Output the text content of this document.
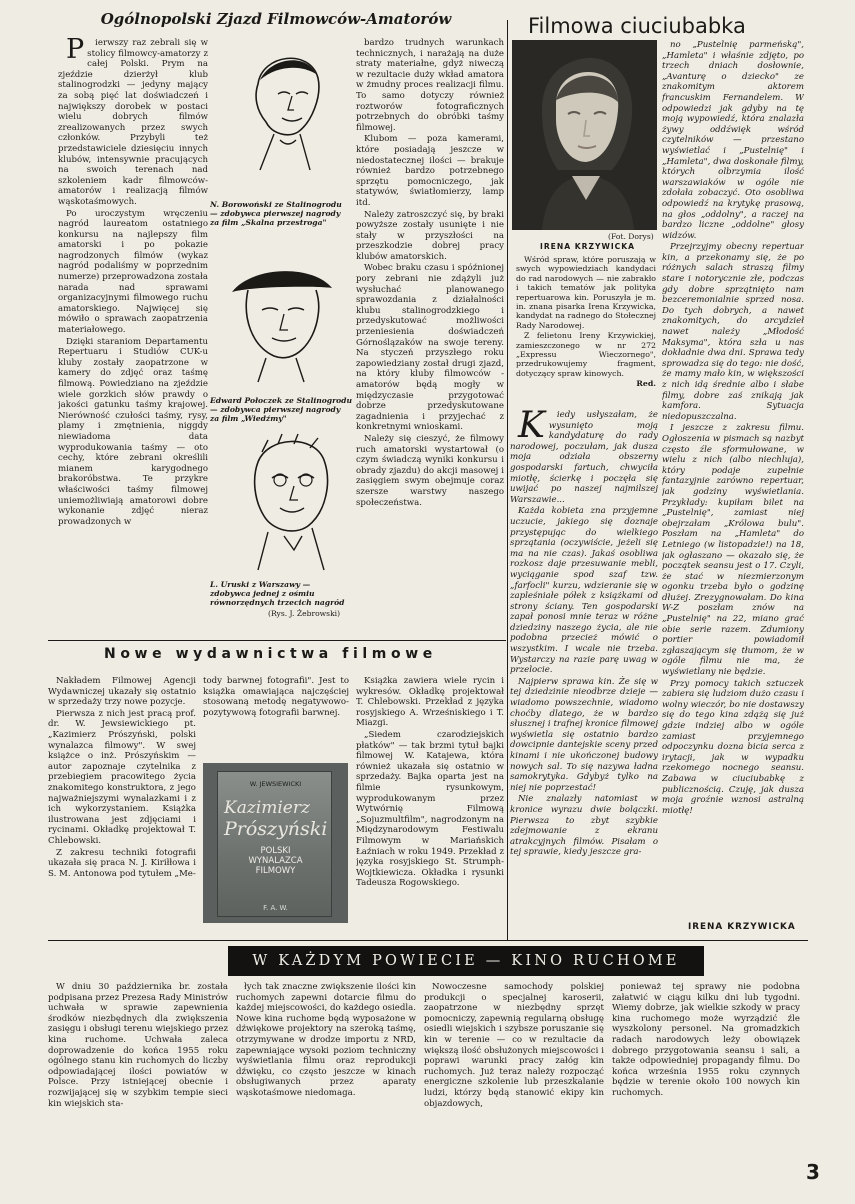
Ogólnopolski Zjazd Filmowców-Amatorów

P ierwszy raz zebrali się w stolicy filmowcy-amatorzy z całej Polski. Prym na zjeździe dzierżył klub stalinogrodzki — jedyny mający za sobą pięć lat doświadczeń i największy dorobek w postaci wielu dobrych filmów zrealizowanych przez swych członków. Przybyli też przedstawiciele dziesięciu innych klubów, intensywnie pracujących na swoich terenach nad szkoleniem kadr filmowców-amatorów i realizacją filmów wąskotaśmowych.

Po uroczystym wręczeniu nagród laureatom ostatniego konkursu na najlepszy film amatorski i po pokazie nagrodzonych filmów (wykaz nagród podaliśmy w poprzednim numerze) przeprowadzona została narada nad sprawami organizacyjnymi filmowego ruchu amatorskiego. Najwięcej się mówiło o sprawach zaopatrzenia materiałowego.

Dzięki staraniom Departamentu Repertuaru i Studiów CUK-u kluby zostały zaopatrzone w kamery do zdjęć oraz taśmę filmową. Powiedziano na zjeździe wiele gorzkich słów prawdy o jakości gatunku taśmy krajowej. Nierówność czułości taśmy, rysy, plamy i zmętnienia, niggdy niewiadoma data wyprodukowania taśmy — oto cechy, które zebrani określili mianem karygodnego brakoróbstwa. Te przykre właściwości taśmy filmowej uniemożliwiają amatorowi dobre wykonanie zdjęć nieraz prowadzonych w

N. Borowoński ze Stalinogrodu — zdobywca pierwszej nagrody za film „Skalna przestroga"
Edward Połoczek ze Stalinogrodu — zdobywca pierwszej nagrody za film „Wiedźmy"
L. Uruski z Warszawy — zdobywca jednej z ośmiu równorzędnych trzecich nagród
(Rys. J. Żebrowski)

bardzo trudnych warunkach technicznych, i narażają na duże straty materiałne, gdyż niweczą w rezultacie duży wkład amatora w żmudny proces realizacji filmu. To samo dotyczy również roztworów fotograficznych potrzebnych do obróbki taśmy filmowej.

Klubom — poza kamerami, które posiadają jeszcze w niedostatecznej ilości — brakuje również bardzo potrzebnego sprzętu pomocniczego, jak statywów, światłomierzy, lamp itd.

Należy zatroszczyć się, by braki powyższe zostały usunięte i nie stały w przyszłości na przeszkodzie dobrej pracy klubów amatorskich.

Wobec braku czasu i spóźnionej pory zebrani nie zdążyli już wysłuchać planowanego sprawozdania z działalności klubu stalinogrodzkiego i przedyskutować możliwości przeniesienia doświadczeń Górnoślązaków na swoje tereny. Na styczeń przyszłego roku zapowiedziany został drugi zjazd, na który kluby filmowców - amatorów będą mogły w międzyczasie przygotować dobrze przedyskutowane zagadnienia i przyjechać z konkretnymi wnioskami.

Należy się cieszyć, że filmowy ruch amatorski wystartował (o czym świadczą wyniki konkursu i obrady zjazdu) do akcji masowej i zasięgiem swym obejmuje coraz szersze warstwy naszego społeczeństwa.

Filmowa ciuciubabka
(Fot. Dorys)
IRENA KRZYWICKA

Wśród spraw, które poruszają w swych wypowiedziach kandydaci do rad narodowych — nie zabrakło i takich tematów jak polityka repertuarowa kin. Poruszyła je m. in. znana pisarka Irena Krzywicka, kandydat na radnego do Stołecznej Rady Narodowej.

Z felietonu Ireny Krzywickiej, zamieszczonego w nr 272 „Expressu Wieczornego", przedrukowujemy fragment, dotyczący spraw kinowych.

Red.

K iedy usłyszałam, że wysunięto moją kandydaturę do rady narodowej, poczułam, jak dusza moja odziała obszerny gospodarski fartuch, chwyciła miotłę, ścierkę i poczęła się uwijać po naszej najmilszej Warszawie...

Każda kobieta zna przyjemne uczucie, jakiego się doznaje przystępując do wielkiego sprzątania (oczywiście, jeżeli się ma na nie czas). Jakaś osobliwa rozkosz daje przesuwanie mebli, wyciąganie spod szaf tzw. „farfocli" kurzu, wdzieranie się w zapleśniałe półek z książkami od strony ściany. Ten gospodarski zapał ponosi mnie teraz w różne dziedziny naszego życia, ale nie podobna przecież mówić o wszystkim. I wcale nie trzeba. Wystarczy na razie parę uwag w przelocie.

Najpierw sprawa kin. Że się w tej dziedzinie nieodbrze dzieje — wiadomo powszechnie, wiadomo choćby dlatego, że w bardzo słusznej i trafnej kronice filmowej wyświetla się ostatnio bardzo dowcipnie dantejskie sceny przed kinami i nie ukończonej budowy nowych sal. To się nazywa ładna samokrytyka. Gdybyż tylko na niej nie poprzestać!

Nie znalazły natomiast w kronice wyrazu dwie bolączki. Pierwsza to zbyt szybkie zdejmowanie z ekranu atrakcyjnych filmów. Pisałam o tej sprawie, kiedy jeszcze gra-

no „Pustelnię parmeńską", „Hamleta" i właśnie zdjęto, po trzech dniach dosłownie, „Avanturę o dziecko" ze znakomitym aktorem francuskim Fernandelem. W odpowiedzi jak gdyby na tę moją wypowiedź, która znalazła żywy oddźwięk wśród czytelników — przestano wyświetlać i „Pustelnię" i „Hamleta", dwa doskonałe filmy, których olbrzymia ilość warszawiaków w ogóle nie zdołała zobaczyć. Oto osobliwa odpowiedź na krytykę prasową, na głos „oddolny", a raczej na bardzo liczne „oddolne" głosy widzów.

Przejrzyjmy obecny repertuar kin, a przekonamy się, że po różnych salach straszą filmy stare i notorycznie złe, podczas gdy dobre sprzątnięto nam bezceremonialnie sprzed nosa. Do tych dobrych, a nawet znakomitych, do arcydzieł nawet należy „Młodość Maksyma", która szła u nas dokładnie dwa dni. Sprawa tedy sprowadza się do tego: nie dość, że mamy mało kin, w większości z nich idą średnie albo i słabe filmy, dobre zaś znikają jak kamfora. Sytuacja niedopuszczalna.

I jeszcze z zakresu filmu. Ogłoszenia w pismach są nazbyt często źle sformułowane, w wielu z nich (albo niechluja), który podaje zupełnie fantazyjnie zarówno repertuar, jak godziny wyświetlania. Przykłady: kupiłam bilet na „Pustelnię", zamiast niej obejrzałam „Królowa bulu". Poszłam na „Hamleta" do Letniego (w listopadzie!) na 18, jak ogłaszano — okazało się, że początek seansu jest o 17. Czyli, że stać w niezmierzonym ogonku trzeba było o godzinę dłużej. Zrezygnowałam. Do kina W-Z poszłam znów na „Pustelnię" na 22, miano grać obie serie razem. Zdumiony portier powiadomił zgłaszającym się tłumom, że w ogóle filmu nie ma, że wyświetlany nie będzie.

Przy pomocy takich sztuczek zabiera się ludziom dużo czasu i wolny wieczór, bo nie dostawszy się do tego kina zdążą się już gdzie indziej albo w ogóle zamiast przyjemnego odpoczynku dozna bicia serca z irytacji, jak w wypadku rzekomego nocnego seansu. Zabawa w ciuciubabkę z publicznością. Czuję, jak dusza moja groźnie wznosi astralną miotłę!

IRENA KRZYWICKA
Nowe wydawnictwa filmowe

Nakładem Filmowej Agencji Wydawniczej ukazały się ostatnio w sprzedaży trzy nowe pozycje.

Pierwsza z nich jest pracą prof. dr. W. Jewsiewickiego pt. „Kazimierz Prószyński, polski wynalazca filmowy". W swej książce o inż. Prószyńskim — autor zapoznaje czytelnika z przebiegiem pracowitego życia znakomitego konstruktora, z jego najważniejszymi wynalazkami i z ich wykorzystaniem. Książka ilustrowana jest zdjęciami i rycinami. Okładkę projektował T. Chlebowski.

Z zakresu techniki fotografii ukazała się praca N. J. Kiriłłowa i S. M. Antonowa pod tytułem „Me-

tody barwnej fotografii". Jest to książka omawiająca najczęściej stosowaną metodę negatywowo-pozytywową fotografii barwnej.

W. JEWSIEWICKI
Kazimierz
Prószyński
POLSKI
WYNALAZCA
FILMOWY
F. A. W.

Książka zawiera wiele rycin i wykresów. Okładkę projektował T. Chlebowski. Przekład z języka rosyjskiego A. Wrześniskiego i T. Miazgi.

„Siedem czarodziejskich płatków" — tak brzmi tytuł bajki filmowej W. Katajewa, która również ukazała się ostatnio w sprzedaży. Bajka oparta jest na filmie rysunkowym, wyprodukowanym przez Wytwórnię Filmową „Sojuzmultfilm", nagrodzonym na Międzynarodowym Festiwalu Filmowym w Mariańskich Łaźniach w roku 1949. Przekład z języka rosyjskiego St. Strumph-Wojtkiewicza. Okładka i rysunki Tadeusza Rogowskiego.

W KAŻDYM POWIECIE — KINO RUCHOME

W dniu 30 października br. została podpisana przez Prezesa Rady Ministrów uchwała w sprawie zapewnienia środków niezbędnych dla zwiększenia zasięgu i obsługi terenu wiejskiego przez kina ruchome. Uchwała zaleca doprowadzenie do końca 1955 roku ogólnego stanu kin ruchomych do liczby odpowiadającej ilości powiatów w Polsce. Przy istniejącej obecnie i rozwijającej się w szybkim tempie sieci kin wiejskich sta-

łych tak znaczne zwiększenie ilości kin ruchomych zapewni dotarcie filmu do każdej miejscowości, do każdego osiedla. Nowe kina ruchome będą wyposażone w dźwiękowe projektory na szeroką taśmę, otrzymywane w drodze importu z NRD, zapewniające wysoki poziom techniczny wyświetlania filmu oraz reprodukcji dźwięku, co często jeszcze w kinach obsługiwanych przez aparaty wąskotaśmowe niedomaga.

Nowoczesne samochody polskiej produkcji o specjalnej karoserii, zaopatrzone w niezbędny sprzęt pomocniczy, zapewnią regularną obsługę osiedli wiejskich i szybsze poruszanie się kin w terenie — co w rezultacie da większą ilość obsłużonych miejscowości i poprawi warunki pracy załóg kin ruchomych. Już teraz należy rozpocząć energiczne szkolenie lub przeszkalanie ludzi, którzy będą stanowić ekipy kin objazdowych,

ponieważ tej sprawy nie podobna załatwić w ciągu kilku dni lub tygodni. Wiemy dobrze, jak wielkie szkody w pracy kina ruchomego może wyrządzić źle wyszkolony personel. Na gromadzkich radach narodowych leży obowiązek dobrego przygotowania seansu i sali, a także odpowiedniej propagandy filmu. Do końca września 1955 roku czynnych będzie w terenie około 100 nowych kin ruchomych.

3
